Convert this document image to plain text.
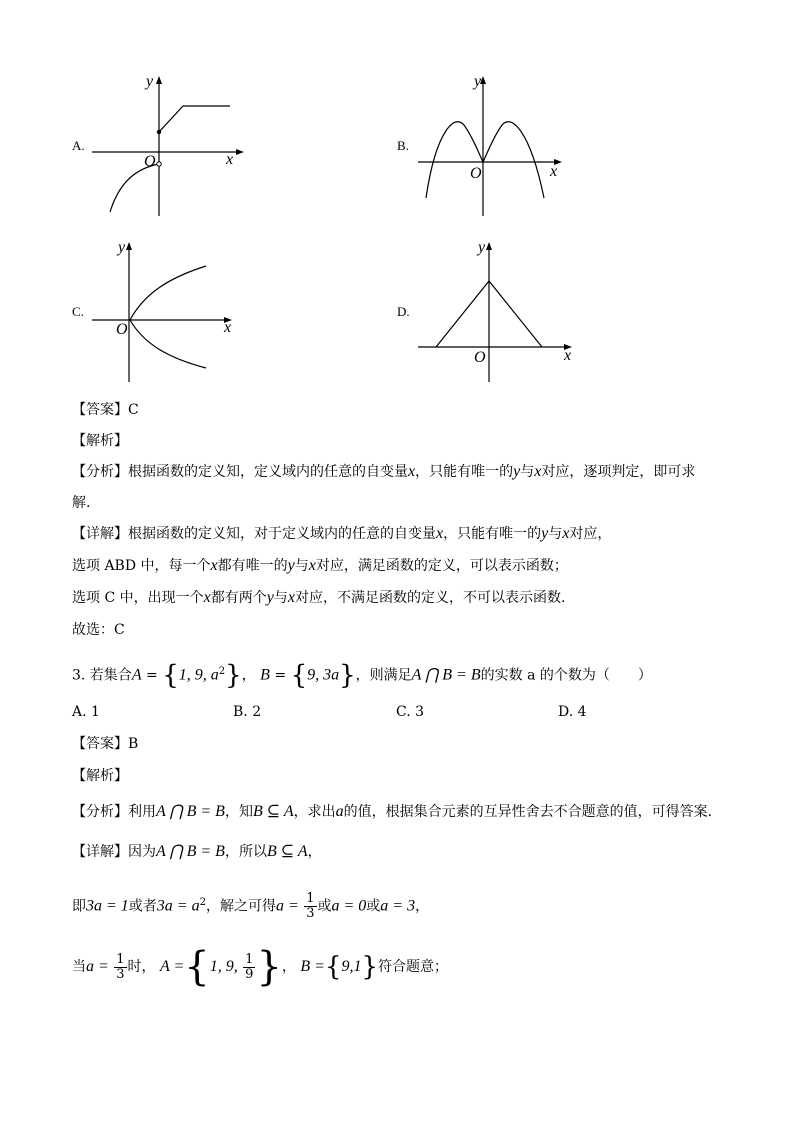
A.
x
y
O
B.
x
y
O
C.
x
y
O
D.
x
y
O
【答案】C
【解析】
【分析】根据函数的定义知，定义域内的任意的自变量x，只能有唯一的y与x对应，逐项判定，即可求
解.
【详解】根据函数的定义知，对于定义域内的任意的自变量x，只能有唯一的y与x对应，
选项 ABD 中，每一个x都有唯一的y与x对应，满足函数的定义，可以表示函数；
选项 C 中，出现一个x都有两个y与x对应，不满足函数的定义，不可以表示函数.
故选：C
3. 若集合A = {1, 9, $a^2$}， B = {9, 3a}，则满足A ⋂ B = B的实数 a 的个数为（　　）
A. 1	B. 2	C. 3	D. 4
【答案】B
【解析】
【分析】利用A ⋂ B = B，知B ⊆ A，求出a的值，根据集合元素的互异性舍去不合题意的值，可得答案.
【详解】因为A ⋂ B = B，所以B ⊆ A，
即3a = 1或者$3a = a^2$，解之可得$a = \frac{1}{3}$ 或a = 0或a = 3，
当$a = \frac{1}{3}$ 时， A ={1, 9, $\frac{1}{9}$ }， B ={9,1}符合题意；
